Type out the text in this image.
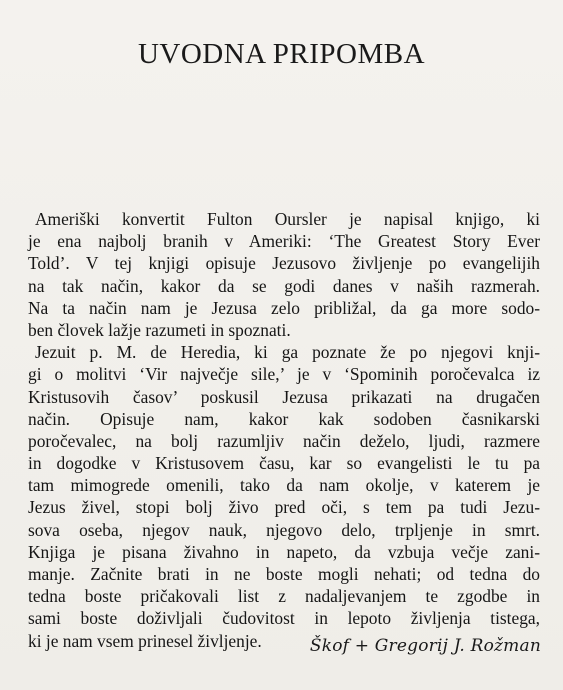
UVODNA PRIPOMBA
Ameriški konvertit Fulton Oursler je napisal knjigo, ki
je ena najbolj branih v Ameriki: ‘The Greatest Story Ever
Told’. V tej knjigi opisuje Jezusovo življenje po evangelijih
na tak način, kakor da se godi danes v naših razmerah.
Na ta način nam je Jezusa zelo približal, da ga more sodo-
ben človek lažje razumeti in spoznati.
Jezuit p. M. de Heredia, ki ga poznate že po njegovi knji-
gi o molitvi ‘Vir največje sile,’ je v ‘Spominih poročevalca iz
Kristusovih časov’ poskusil Jezusa prikazati na drugačen
način. Opisuje nam, kakor kak sodoben časnikarski
poročevalec, na bolj razumljiv način deželo, ljudi, razmere
in dogodke v Kristusovem času, kar so evangelisti le tu pa
tam mimogrede omenili, tako da nam okolje, v katerem je
Jezus živel, stopi bolj živo pred oči, s tem pa tudi Jezu-
sova oseba, njegov nauk, njegovo delo, trpljenje in smrt.
Knjiga je pisana živahno in napeto, da vzbuja večje zani-
manje. Začnite brati in ne boste mogli nehati; od tedna do
tedna boste pričakovali list z nadaljevanjem te zgodbe in
sami boste doživljali čudovitost in lepoto življenja tistega,
ki je nam vsem prinesel življenje.	Škof + Gregorij J. Rožman
